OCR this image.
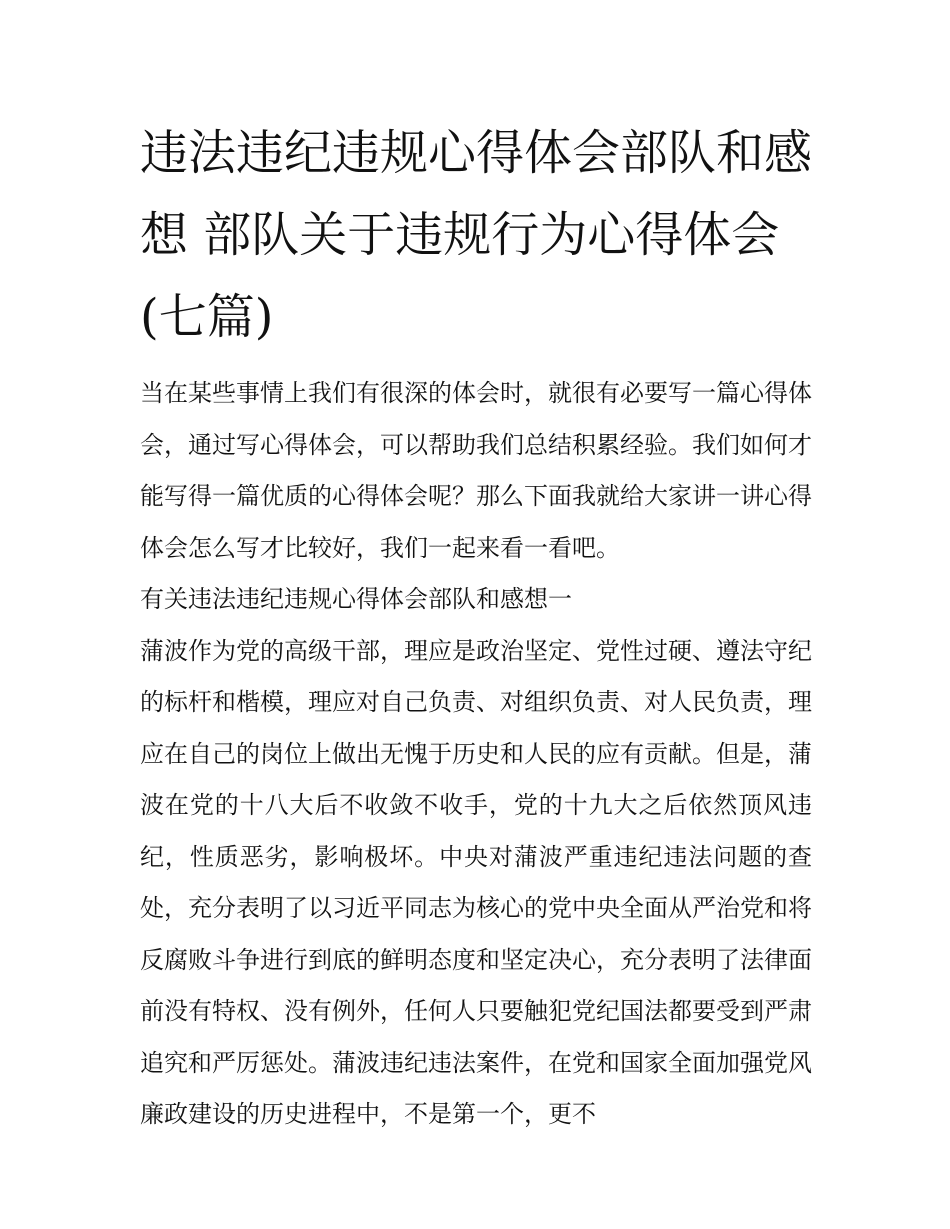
违法违纪违规心得体会部队和感想 部队关于违规行为心得体会(七篇)

当在某些事情上我们有很深的体会时，就很有必要写一篇心得体会，通过写心得体会，可以帮助我们总结积累经验。我们如何才能写得一篇优质的心得体会呢？那么下面我就给大家讲一讲心得体会怎么写才比较好，我们一起来看一看吧。

有关违法违纪违规心得体会部队和感想一

蒲波作为党的高级干部，理应是政治坚定、党性过硬、遵法守纪的标杆和楷模，理应对自己负责、对组织负责、对人民负责，理应在自己的岗位上做出无愧于历史和人民的应有贡献。但是，蒲波在党的十八大后不收敛不收手，党的十九大之后依然顶风违纪，性质恶劣，影响极坏。中央对蒲波严重违纪违法问题的查处，充分表明了以习近平同志为核心的党中央全面从严治党和将反腐败斗争进行到底的鲜明态度和坚定决心，充分表明了法律面前没有特权、没有例外，任何人只要触犯党纪国法都要受到严肃追究和严厉惩处。蒲波违纪违法案件，在党和国家全面加强党风廉政建设的历史进程中，不是第一个，更不
